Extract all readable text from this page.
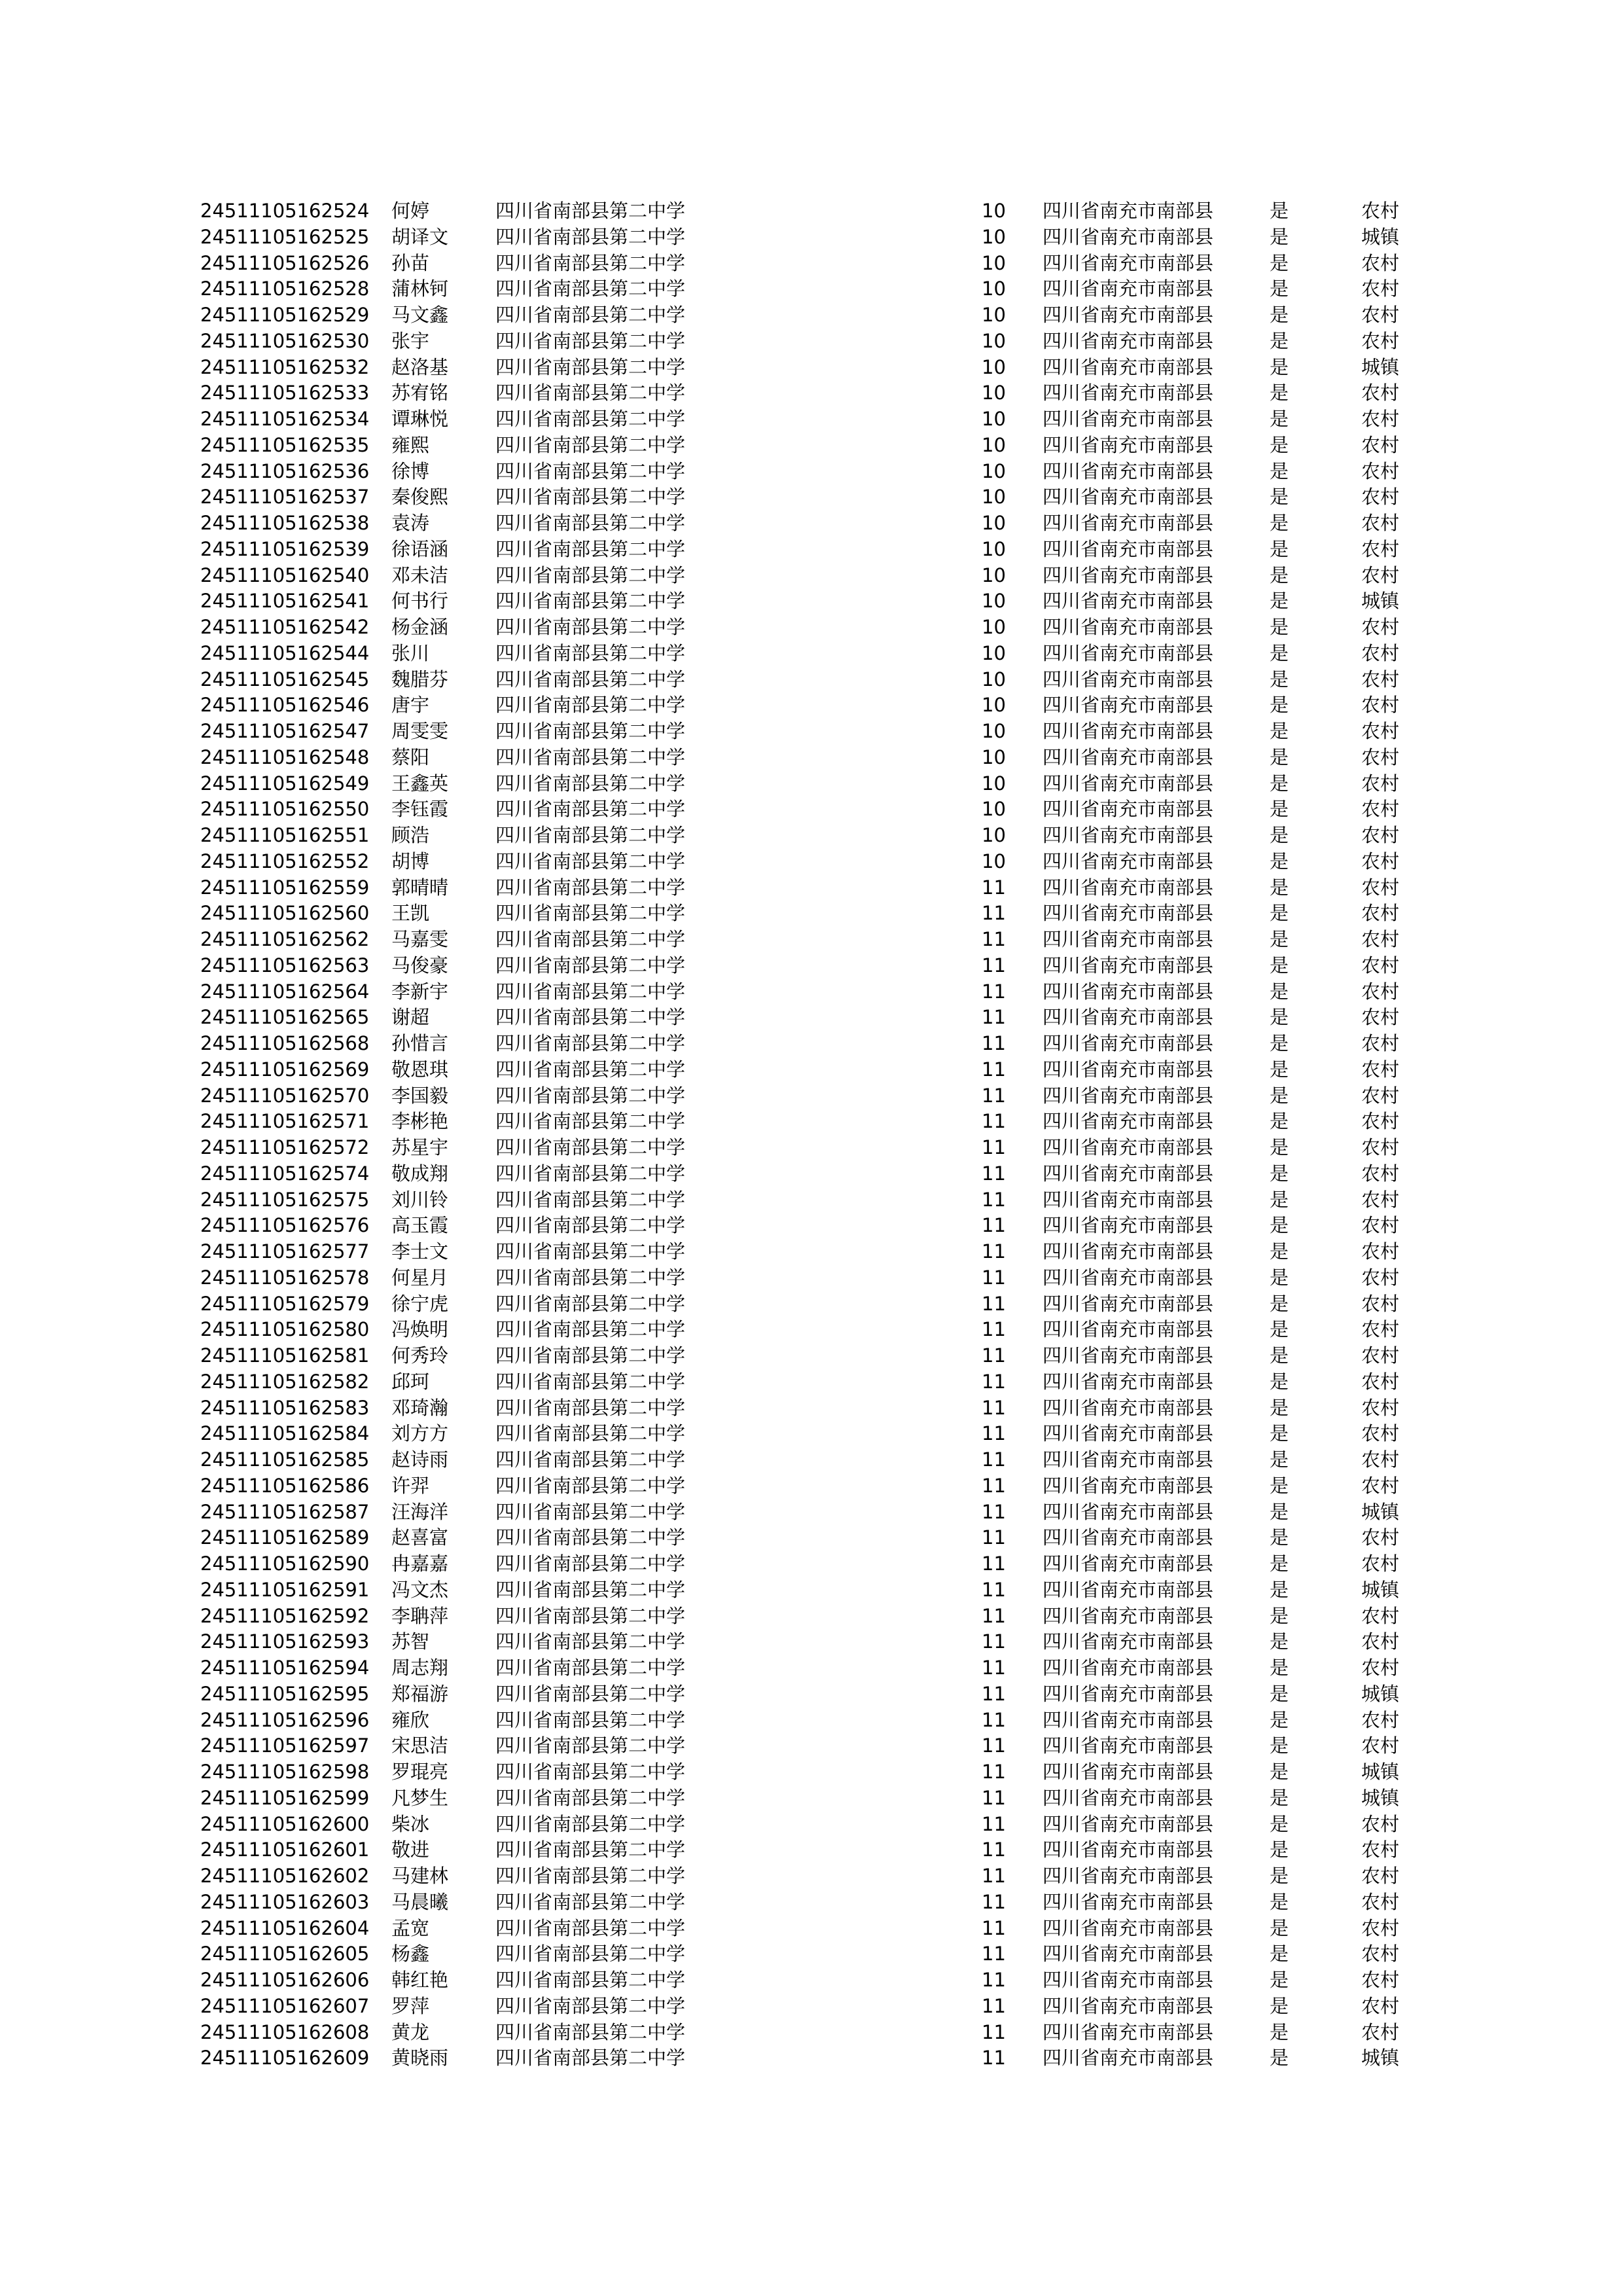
24511105162524 何婷	四川省南部县第二中学	10 四川省南充市南部县	是	农村
24511105162525 胡译文 四川省南部县第二中学	10 四川省南充市南部县	是	城镇
24511105162526 孙苗	四川省南部县第二中学	10 四川省南充市南部县	是	农村
24511105162528 蒲林钶 四川省南部县第二中学	10 四川省南充市南部县	是	农村
24511105162529 马文鑫 四川省南部县第二中学	10 四川省南充市南部县	是	农村
24511105162530 张宇	四川省南部县第二中学	10 四川省南充市南部县	是	农村
24511105162532 赵洛基 四川省南部县第二中学	10 四川省南充市南部县	是	城镇
24511105162533 苏宥铭 四川省南部县第二中学	10 四川省南充市南部县	是	农村
24511105162534 谭琳悦 四川省南部县第二中学	10 四川省南充市南部县	是	农村
24511105162535 雍熙	四川省南部县第二中学	10 四川省南充市南部县	是	农村
24511105162536 徐博	四川省南部县第二中学	10 四川省南充市南部县	是	农村
24511105162537 秦俊熙 四川省南部县第二中学	10 四川省南充市南部县	是	农村
24511105162538 袁涛	四川省南部县第二中学	10 四川省南充市南部县	是	农村
24511105162539 徐语涵 四川省南部县第二中学	10 四川省南充市南部县	是	农村
24511105162540 邓未洁 四川省南部县第二中学	10 四川省南充市南部县	是	农村
24511105162541 何书行 四川省南部县第二中学	10 四川省南充市南部县	是	城镇
24511105162542 杨金涵 四川省南部县第二中学	10 四川省南充市南部县	是	农村
24511105162544 张川	四川省南部县第二中学	10 四川省南充市南部县	是	农村
24511105162545 魏腊芬 四川省南部县第二中学	10 四川省南充市南部县	是	农村
24511105162546 唐宇	四川省南部县第二中学	10 四川省南充市南部县	是	农村
24511105162547 周雯雯 四川省南部县第二中学	10 四川省南充市南部县	是	农村
24511105162548 蔡阳	四川省南部县第二中学	10 四川省南充市南部县	是	农村
24511105162549 王鑫英 四川省南部县第二中学	10 四川省南充市南部县	是	农村
24511105162550 李钰霞 四川省南部县第二中学	10 四川省南充市南部县	是	农村
24511105162551 顾浩	四川省南部县第二中学	10 四川省南充市南部县	是	农村
24511105162552 胡博	四川省南部县第二中学	10 四川省南充市南部县	是	农村
24511105162559 郭晴晴 四川省南部县第二中学	11 四川省南充市南部县	是	农村
24511105162560 王凯	四川省南部县第二中学	11 四川省南充市南部县	是	农村
24511105162562 马嘉雯 四川省南部县第二中学	11 四川省南充市南部县	是	农村
24511105162563 马俊豪 四川省南部县第二中学	11 四川省南充市南部县	是	农村
24511105162564 李新宇 四川省南部县第二中学	11 四川省南充市南部县	是	农村
24511105162565 谢超	四川省南部县第二中学	11 四川省南充市南部县	是	农村
24511105162568 孙惜言 四川省南部县第二中学	11 四川省南充市南部县	是	农村
24511105162569 敬恩琪 四川省南部县第二中学	11 四川省南充市南部县	是	农村
24511105162570 李国毅 四川省南部县第二中学	11 四川省南充市南部县	是	农村
24511105162571 李彬艳 四川省南部县第二中学	11 四川省南充市南部县	是	农村
24511105162572 苏星宇 四川省南部县第二中学	11 四川省南充市南部县	是	农村
24511105162574 敬成翔 四川省南部县第二中学	11 四川省南充市南部县	是	农村
24511105162575 刘川铃 四川省南部县第二中学	11 四川省南充市南部县	是	农村
24511105162576 高玉霞 四川省南部县第二中学	11 四川省南充市南部县	是	农村
24511105162577 李士文 四川省南部县第二中学	11 四川省南充市南部县	是	农村
24511105162578 何星月 四川省南部县第二中学	11 四川省南充市南部县	是	农村
24511105162579 徐宁虎 四川省南部县第二中学	11 四川省南充市南部县	是	农村
24511105162580 冯焕明 四川省南部县第二中学	11 四川省南充市南部县	是	农村
24511105162581 何秀玲 四川省南部县第二中学	11 四川省南充市南部县	是	农村
24511105162582 邱珂	四川省南部县第二中学	11 四川省南充市南部县	是	农村
24511105162583 邓琦瀚 四川省南部县第二中学	11 四川省南充市南部县	是	农村
24511105162584 刘方方 四川省南部县第二中学	11 四川省南充市南部县	是	农村
24511105162585 赵诗雨 四川省南部县第二中学	11 四川省南充市南部县	是	农村
24511105162586 许羿	四川省南部县第二中学	11 四川省南充市南部县	是	农村
24511105162587 汪海洋 四川省南部县第二中学	11 四川省南充市南部县	是	城镇
24511105162589 赵喜富 四川省南部县第二中学	11 四川省南充市南部县	是	农村
24511105162590 冉嘉嘉 四川省南部县第二中学	11 四川省南充市南部县	是	农村
24511105162591 冯文杰 四川省南部县第二中学	11 四川省南充市南部县	是	城镇
24511105162592 李聃萍 四川省南部县第二中学	11 四川省南充市南部县	是	农村
24511105162593 苏智	四川省南部县第二中学	11 四川省南充市南部县	是	农村
24511105162594 周志翔 四川省南部县第二中学	11 四川省南充市南部县	是	农村
24511105162595 郑福游 四川省南部县第二中学	11 四川省南充市南部县	是	城镇
24511105162596 雍欣	四川省南部县第二中学	11 四川省南充市南部县	是	农村
24511105162597 宋思洁 四川省南部县第二中学	11 四川省南充市南部县	是	农村
24511105162598 罗琨亮 四川省南部县第二中学	11 四川省南充市南部县	是	城镇
24511105162599 凡梦生 四川省南部县第二中学	11 四川省南充市南部县	是	城镇
24511105162600 柴冰	四川省南部县第二中学	11 四川省南充市南部县	是	农村
24511105162601 敬进	四川省南部县第二中学	11 四川省南充市南部县	是	农村
24511105162602 马建林 四川省南部县第二中学	11 四川省南充市南部县	是	农村
24511105162603 马晨曦 四川省南部县第二中学	11 四川省南充市南部县	是	农村
24511105162604 孟宽	四川省南部县第二中学	11 四川省南充市南部县	是	农村
24511105162605 杨鑫	四川省南部县第二中学	11 四川省南充市南部县	是	农村
24511105162606 韩红艳 四川省南部县第二中学	11 四川省南充市南部县	是	农村
24511105162607 罗萍	四川省南部县第二中学	11 四川省南充市南部县	是	农村
24511105162608 黄龙	四川省南部县第二中学	11 四川省南充市南部县	是	农村
24511105162609 黄晓雨 四川省南部县第二中学	11 四川省南充市南部县	是	城镇
